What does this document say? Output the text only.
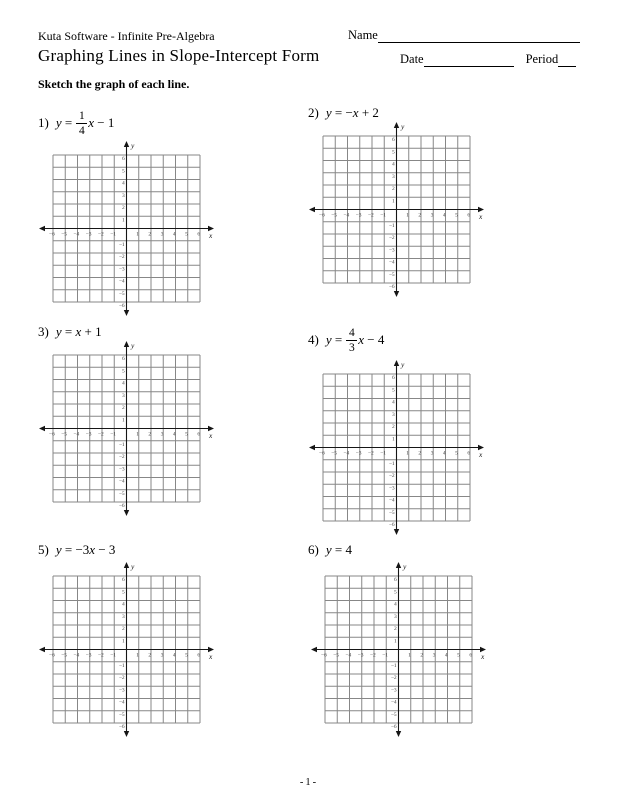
Kuta Software - Infinite Pre-Algebra	Name
Graphing Lines in Slope-Intercept Form	Date	Period
Sketch the graph of each line.
1) $y = \frac{1}{4}$ x − 1
−6 −5 −4 −3 −2 −1	1 2 3 4 5 6
6
5
4
3
2
1
−1
−2
−3
−4
−5
−6
x
y
2) y = − x + 2
−6 −5 −4 −3 −2 −1	1 2 3 4 5 6
6
5
4
3
2
1
−1
−2
−3
−4
−5
−6
x
y
3) y = x + 1
−6 −5 −4 −3 −2 −1	1 2 3 4 5 6
6
5
4
3
2
1
−1
−2
−3
−4
−5
−6
x
y	4) $y = \frac{4}{3}$ x − 4
−6 −5 −4 −3 −2 −1	1 2 3 4 5 6
6
5
4
3
2
1
−1
−2
−3
−4
−5
−6
x
y
5) y = −3 x − 3
−6 −5 −4 −3 −2 −1	1 2 3 4 5 6
6
5
4
3
2
1
−1
−2
−3
−4
−5
−6
x
y
6) y = 4
−6 −5 −4 −3 −2 −1	1 2 3 4 5 6
6
5
4
3
2
1
−1
−2
−3
−4
−5
−6
x
y
-1-
